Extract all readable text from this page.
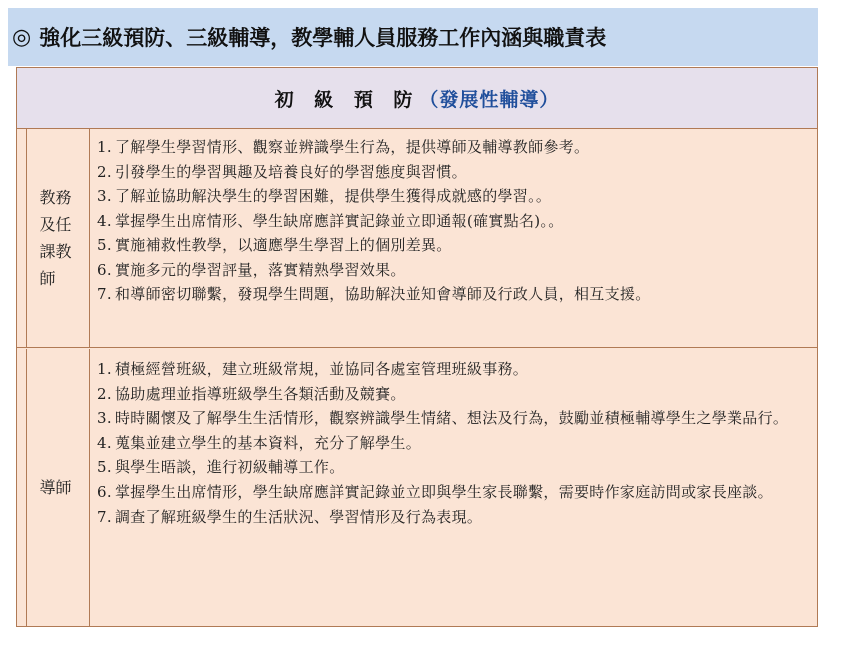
◎ 強化三級預防、三級輔導，教學輔人員服務工作內涵與職責表
初 級 預 防 （發展性輔導）
教務及任課教師
1. 了解學生學習情形、觀察並辨識學生行為，提供導師及輔導教師參考。
2. 引發學生的學習興趣及培養良好的學習態度與習慣。
3. 了解並協助解決學生的學習困難，提供學生獲得成就感的學習。。
4. 掌握學生出席情形、學生缺席應詳實記錄並立即通報(確實點名)。。
5. 實施補救性教學，以適應學生學習上的個別差異。
6. 實施多元的學習評量，落實精熟學習效果。
7. 和導師密切聯繫，發現學生問題，協助解決並知會導師及行政人員，相互支援。
導師
1. 積極經營班級，建立班級常規，並協同各處室管理班級事務。
2. 協助處理並指導班級學生各類活動及競賽。
3. 時時關懷及了解學生生活情形，觀察辨識學生情緒、想法及行為，鼓勵並積極輔導學生之學業品行。
4. 蒐集並建立學生的基本資料，充分了解學生。
5. 與學生晤談，進行初級輔導工作。
6. 掌握學生出席情形，學生缺席應詳實記錄並立即與學生家長聯繫，需要時作家庭訪問或家長座談。
7. 調查了解班級學生的生活狀況、學習情形及行為表現。
